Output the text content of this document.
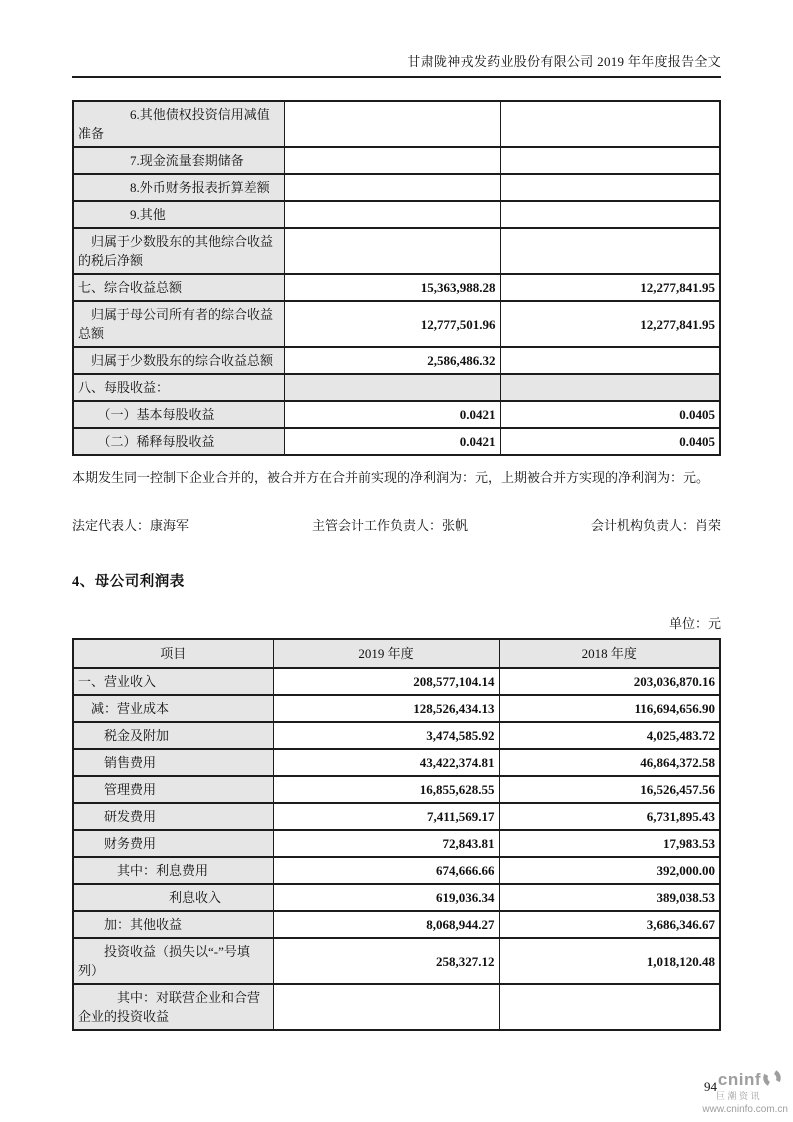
甘肃陇神戎发药业股份有限公司 2019 年年度报告全文
　　　　6.其他债权投资信用减值准备		
　　　　7.现金流量套期储备		
　　　　8.外币财务报表折算差额		
　　　　9.其他		
　归属于少数股东的其他综合收益的税后净额		
七、综合收益总额	15,363,988.28	12,277,841.95
　归属于母公司所有者的综合收益总额	12,777,501.96	12,277,841.95
　归属于少数股东的综合收益总额	2,586,486.32	
八、每股收益：		
　　（一）基本每股收益	0.0421	0.0405
　　（二）稀释每股收益	0.0421	0.0405

本期发生同一控制下企业合并的，被合并方在合并前实现的净利润为：元，上期被合并方实现的净利润为：元。

法定代表人：康海军	主管会计工作负责人：张帆	会计机构负责人：肖荣
4、母公司利润表
单位：元
项目	2019 年度	2018 年度
一、营业收入	208,577,104.14	203,036,870.16
　减：营业成本	128,526,434.13	116,694,656.90
　　税金及附加	3,474,585.92	4,025,483.72
　　销售费用	43,422,374.81	46,864,372.58
　　管理费用	16,855,628.55	16,526,457.56
　　研发费用	7,411,569.17	6,731,895.43
　　财务费用	72,843.81	17,983.53
　　　其中：利息费用	674,666.66	392,000.00
　　　　　　　利息收入	619,036.34	389,038.53
　　加：其他收益	8,068,944.27	3,686,346.67
　　投资收益（损失以“-”号填列）	258,327.12	1,018,120.48
　　　其中：对联营企业和合营企业的投资收益		
94 cninf
巨潮资讯
www.cninfo.com.cn
